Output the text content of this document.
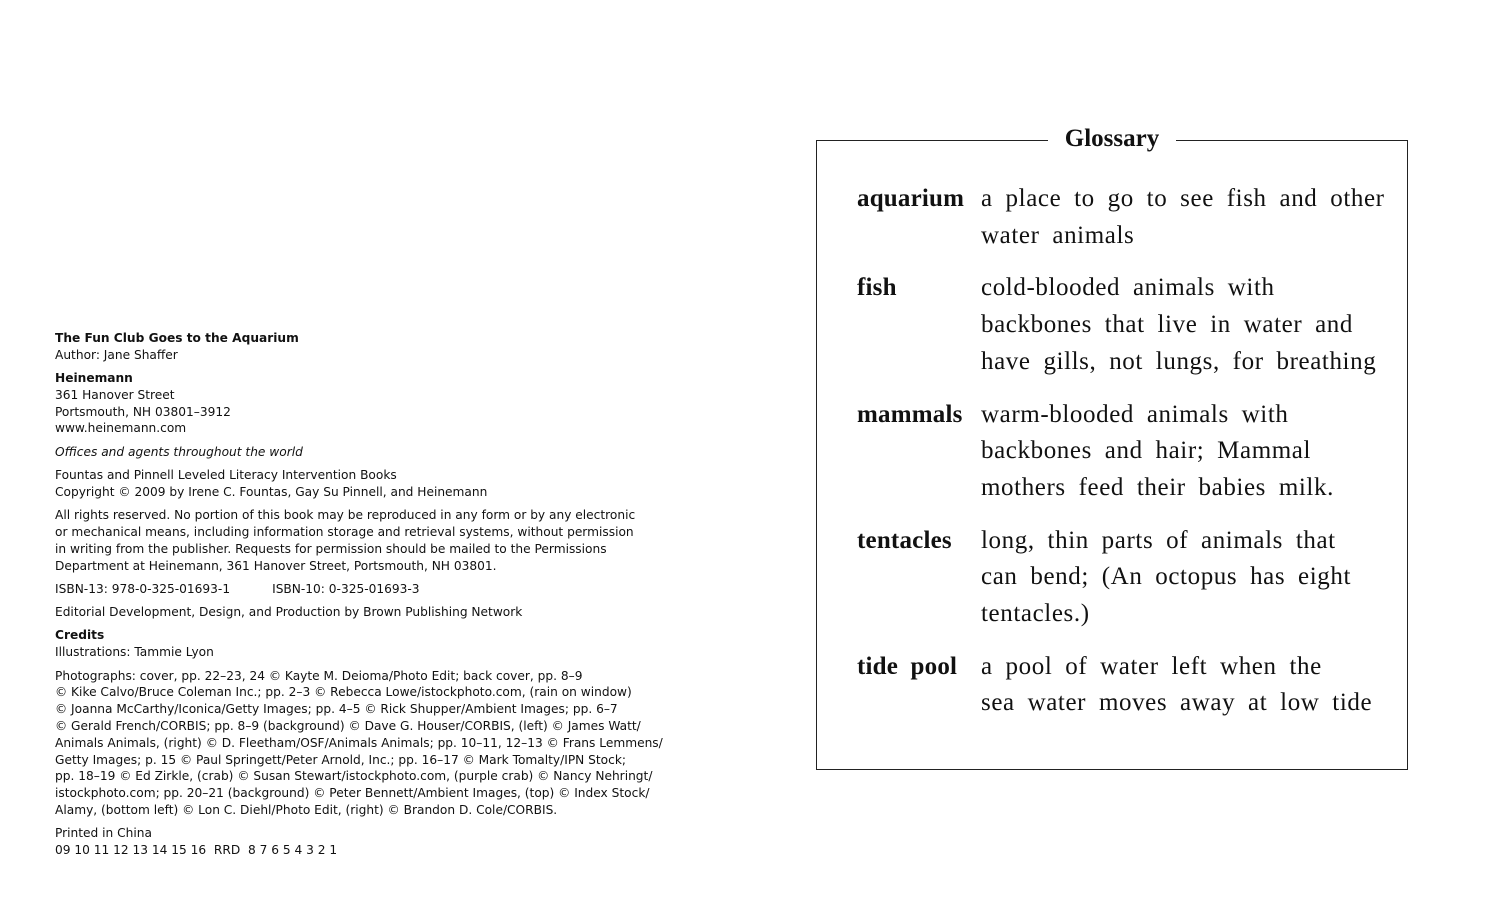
The Fun Club Goes to the Aquarium
Author: Jane Shaffer

Heinemann
361 Hanover Street
Portsmouth, NH 03801–3912
www.heinemann.com

Offices and agents throughout the world

Fountas and Pinnell Leveled Literacy Intervention Books
Copyright © 2009 by Irene C. Fountas, Gay Su Pinnell, and Heinemann

All rights reserved. No portion of this book may be reproduced in any form or by any electronic
or mechanical means, including information storage and retrieval systems, without permission
in writing from the publisher. Requests for permission should be mailed to the Permissions
Department at Heinemann, 361 Hanover Street, Portsmouth, NH 03801.

ISBN-13: 978-0-325-01693-1	ISBN-10: 0-325-01693-3

Editorial Development, Design, and Production by Brown Publishing Network

Credits
Illustrations: Tammie Lyon

Photographs: cover, pp. 22–23, 24 © Kayte M. Deioma/Photo Edit; back cover, pp. 8–9
© Kike Calvo/Bruce Coleman Inc.; pp. 2–3 © Rebecca Lowe/istockphoto.com, (rain on window)
© Joanna McCarthy/Iconica/Getty Images; pp. 4–5 © Rick Shupper/Ambient Images; pp. 6–7
© Gerald French/CORBIS; pp. 8–9 (background) © Dave G. Houser/CORBIS, (left) © James Watt/
Animals Animals, (right) © D. Fleetham/OSF/Animals Animals; pp. 10–11, 12–13 © Frans Lemmens/
Getty Images; p. 15 © Paul Springett/Peter Arnold, Inc.; pp. 16–17 © Mark Tomalty/IPN Stock;
pp. 18–19 © Ed Zirkle, (crab) © Susan Stewart/istockphoto.com, (purple crab) © Nancy Nehringt/
istockphoto.com; pp. 20–21 (background) © Peter Bennett/Ambient Images, (top) © Index Stock/
Alamy, (bottom left) © Lon C. Diehl/Photo Edit, (right) © Brandon D. Cole/CORBIS.

Printed in China
09 10 11 12 13 14 15 16  RRD  8 7 6 5 4 3 2 1

Glossary
aquarium a place to go to see fish and other
water animals
fish	cold-blooded animals with
backbones that live in water and
have gills, not lungs, for breathing
mammals warm-blooded animals with
backbones and hair; Mammal
mothers feed their babies milk.
tentacles	long, thin parts of animals that
can bend; (An octopus has eight
tentacles.)
tide pool a pool of water left when the
sea water moves away at low tide
